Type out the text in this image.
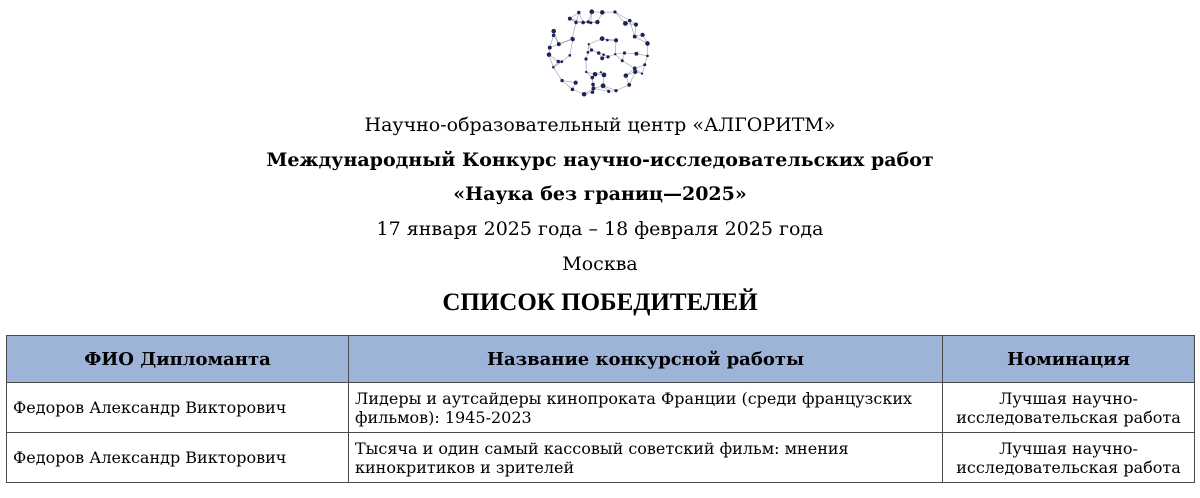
Научно-образовательный центр «АЛГОРИТМ»
Международный Конкурс научно-исследовательских работ
«Наука без границ—2025»
17 января 2025 года – 18 февраля 2025 года
Москва
СПИСОК ПОБЕДИТЕЛЕЙ
ФИО Дипломанта	Название конкурсной работы	Номинация
Федоров Александр Викторович	Лидеры и аутсайдеры кинопроката Франции (среди французских фильмов): 1945-2023	Лучшая научно-исследовательская работа
Федоров Александр Викторович	Тысяча и один самый кассовый советский фильм: мнения кинокритиков и зрителей	Лучшая научно-исследовательская работа
